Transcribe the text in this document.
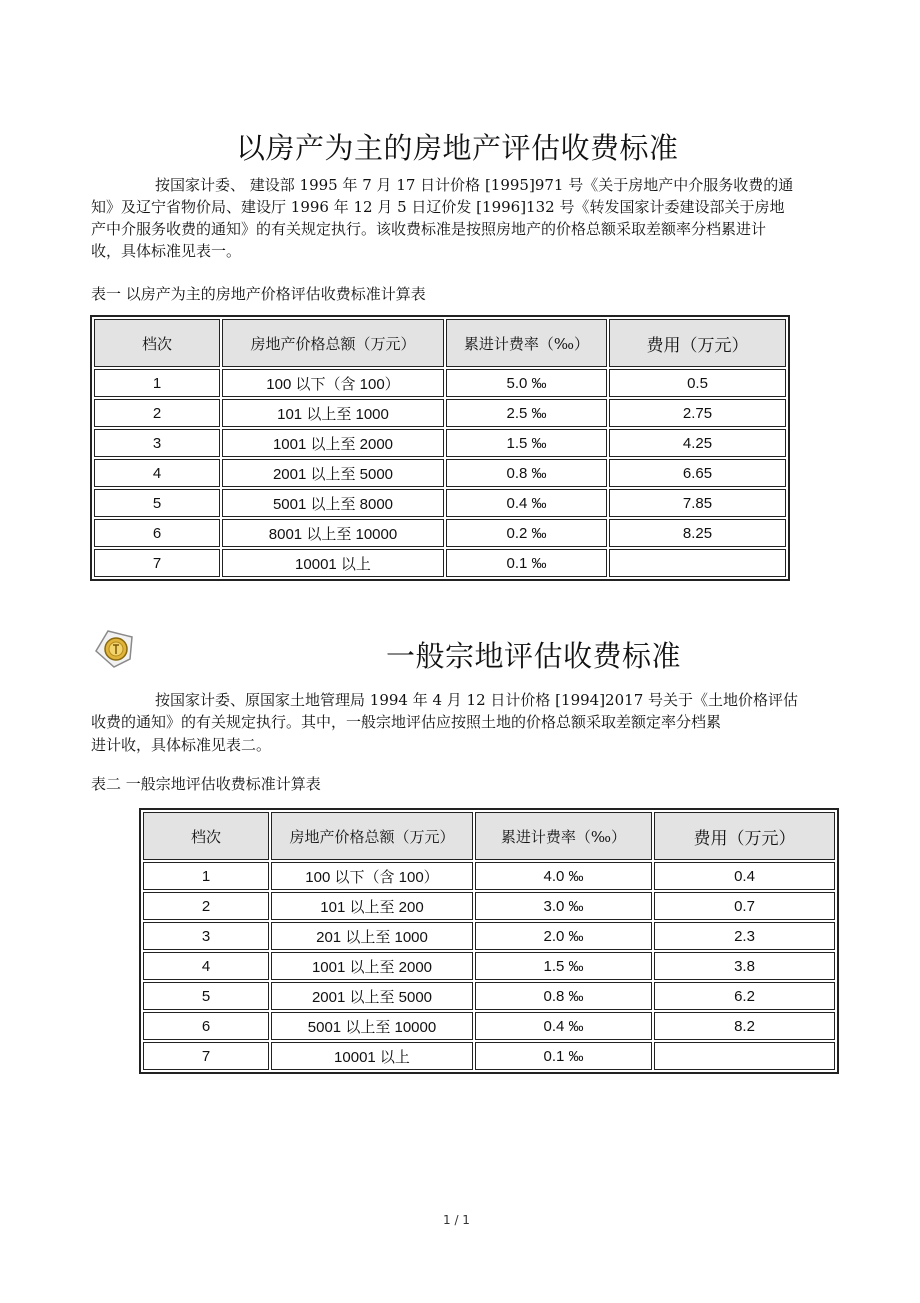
以房产为主的房地产评估收费标准
按国家计委、 建设部 1995 年 7 月 17 日计价格 [1995]971 号《关于房地产中介服务收费的通
知》及辽宁省物价局、建设厅 1996 年 12 月 5 日辽价发 [1996]132 号《转发国家计委建设部关于房地
产中介服务收费的通知》的有关规定执行。该收费标准是按照房地产的价格总额采取差额率分档累进计
收，具体标准见表一。
表一 以房产为主的房地产价格评估收费标准计算表
档次	房地产价格总额（万元）	累进计费率（‰）	费用（万元）
1	100 以下（含 100）	5.0 ‰	0.5
2	101 以上至 1000	2.5 ‰	2.75
3	1001 以上至 2000	1.5 ‰	4.25
4	2001 以上至 5000	0.8 ‰	6.65
5	5001 以上至 8000	0.4 ‰	7.85
6	8001 以上至 10000	0.2 ‰	8.25
7	10001 以上	0.1 ‰	
一般宗地评估收费标准
按国家计委、原国家土地管理局 1994 年 4 月 12 日计价格 [1994]2017 号关于《土地价格评估
收费的通知》的有关规定执行。其中，一般宗地评估应按照土地的价格总额采取差额定率分档累
进计收，具体标准见表二。
表二 一般宗地评估收费标准计算表
档次	房地产价格总额（万元）	累进计费率（‰）	费用（万元）
1	100 以下（含 100）	4.0 ‰	0.4
2	101 以上至 200	3.0 ‰	0.7
3	201 以上至 1000	2.0 ‰	2.3
4	1001 以上至 2000	1.5 ‰	3.8
5	2001 以上至 5000	0.8 ‰	6.2
6	5001 以上至 10000	0.4 ‰	8.2
7	10001 以上	0.1 ‰	
1 / 1
